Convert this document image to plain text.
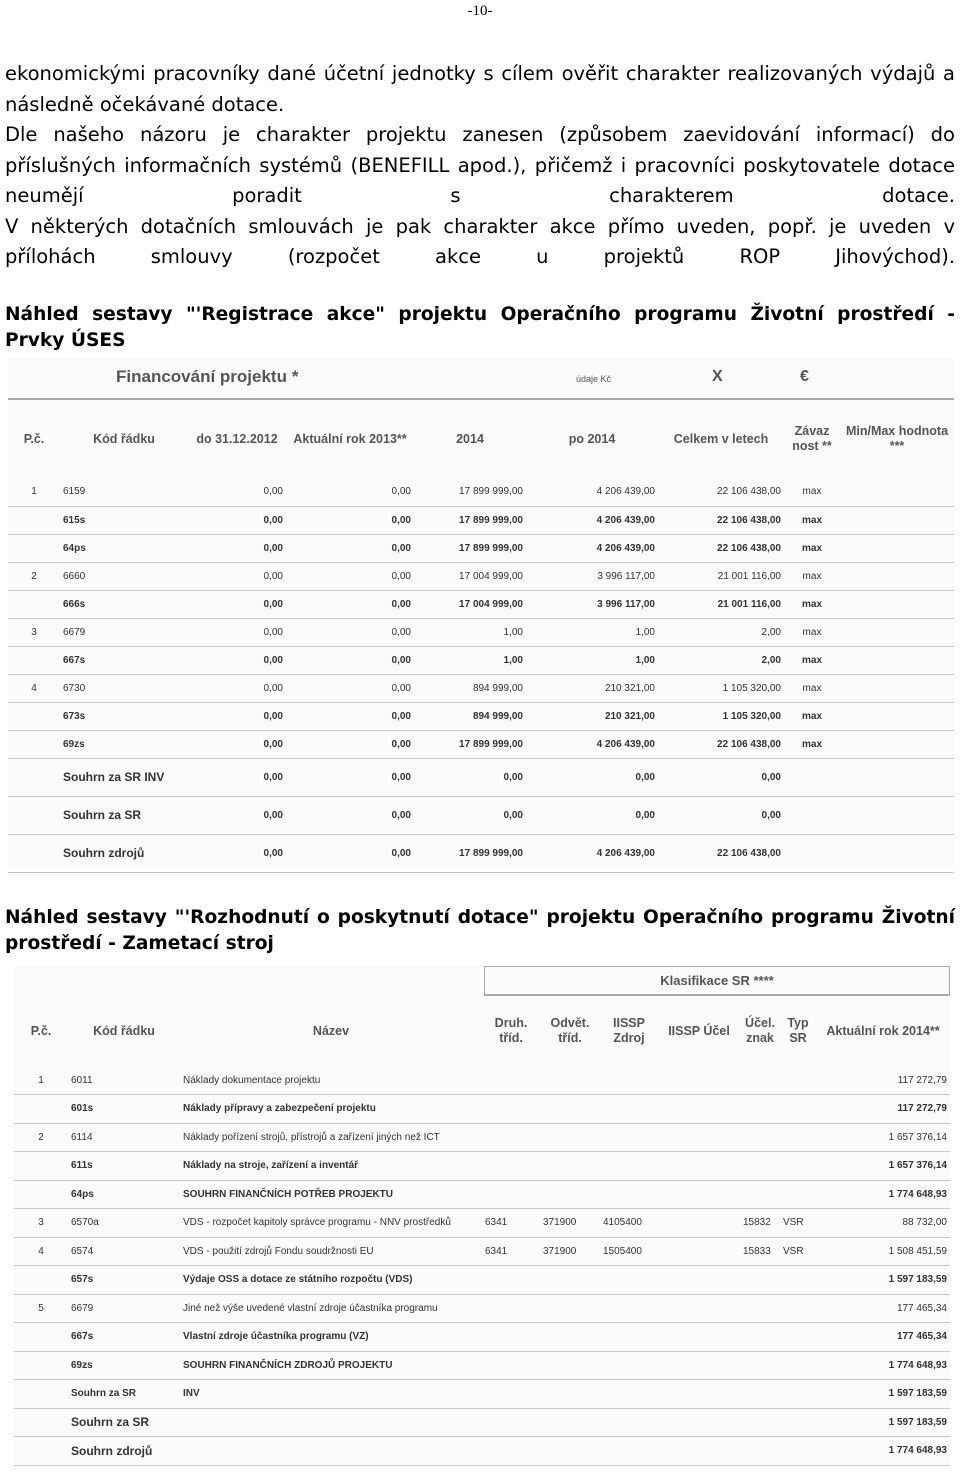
-10-

ekonomickými pracovníky dané účetní jednotky s cílem ověřit charakter realizovaných výdajů a následně očekávané dotace.

Dle našeho názoru je charakter projektu zanesen (způsobem zaevidování informací) do příslušných informačních systémů (BENEFILL apod.), přičemž i pracovníci poskytovatele dotace neumějí poradit s charakterem dotace.

V některých dotačních smlouvách je pak charakter akce přímo uveden, popř. je uveden v přílohách smlouvy (rozpočet akce u projektů ROP Jihovýchod).

Náhled sestavy "'Registrace akce" projektu Operačního programu Životní prostředí - Prvky ÚSES

Financování projektu *	údaje Kč	X	€
P.č.	Kód řádku	do 31.12.2012	Aktuální rok 2013**	2014	po 2014	Celkem v letech	Závaz nost **	Min/Max hodnota ***
1	6159	0,00	0,00	17 899 999,00	4 206 439,00	22 106 438,00	max	
	615s	0,00	0,00	17 899 999,00	4 206 439,00	22 106 438,00	max	
	64ps	0,00	0,00	17 899 999,00	4 206 439,00	22 106 438,00	max	
2	6660	0,00	0,00	17 004 999,00	3 996 117,00	21 001 116,00	max	
	666s	0,00	0,00	17 004 999,00	3 996 117,00	21 001 116,00	max	
3	6679	0,00	0,00	1,00	1,00	2,00	max	
	667s	0,00	0,00	1,00	1,00	2,00	max	
4	6730	0,00	0,00	894 999,00	210 321,00	1 105 320,00	max	
	673s	0,00	0,00	894 999,00	210 321,00	1 105 320,00	max	
	69zs	0,00	0,00	17 899 999,00	4 206 439,00	22 106 438,00	max	
	Souhrn za SR INV	0,00	0,00	0,00	0,00	0,00		
	Souhrn za SR	0,00	0,00	0,00	0,00	0,00		
	Souhrn zdrojů	0,00	0,00	17 899 999,00	4 206 439,00	22 106 438,00		

Náhled sestavy "'Rozhodnutí o poskytnutí dotace" projektu Operačního programu Životní prostředí - Zametací stroj

Klasifikace SR ****
P.č.	Kód řádku	Název	Druh. tříd.	Odvět. tříd.	IISSP Zdroj	IISSP Účel	Účel. znak	Typ SR	Aktuální rok 2014**
1	6011	Náklady dokumentace projektu							117 272,79
	601s	Náklady přípravy a zabezpečení projektu							117 272,79
2	6114	Náklady pořízení strojů, přístrojů a zařízení jiných než ICT							1 657 376,14
	611s	Náklady na stroje, zařízení a inventář							1 657 376,14
	64ps	SOUHRN FINANČNÍCH POTŘEB PROJEKTU							1 774 648,93
3	6570a	VDS - rozpočet kapitoly správce programu - NNV prostředků	6341	371900	4105400		15832	VSR	88 732,00
4	6574	VDS - použití zdrojů Fondu soudržnosti EU	6341	371900	1505400		15833	VSR	1 508 451,59
	657s	Výdaje OSS a dotace ze státního rozpočtu (VDS)							1 597 183,59
5	6679	Jiné než výše uvedené vlastní zdroje účastníka programu							177 465,34
	667s	Vlastní zdroje účastníka programu (VZ)							177 465,34
	69zs	SOUHRN FINANČNÍCH ZDROJŮ PROJEKTU							1 774 648,93
	Souhrn za SR	INV							1 597 183,59
	Souhrn za SR								1 597 183,59
	Souhrn zdrojů								1 774 648,93
